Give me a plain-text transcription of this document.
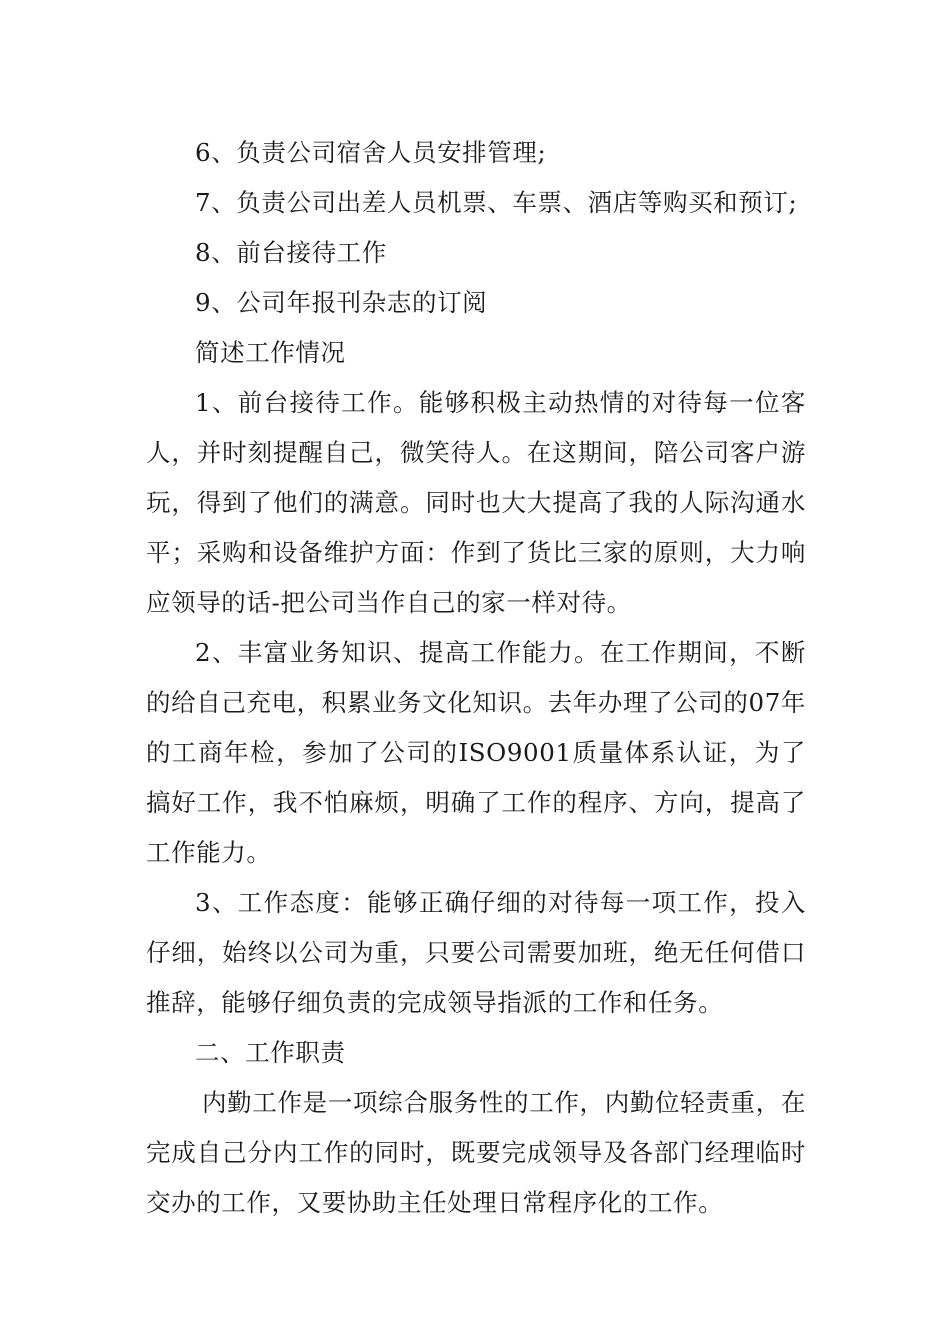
6、负责公司宿舍人员安排管理;

7、负责公司出差人员机票、车票、酒店等购买和预订;

8、前台接待工作

9、公司年报刊杂志的订阅

简述工作情况

1、前台接待工作。能够积极主动热情的对待每一位客人，并时刻提醒自己，微笑待人。在这期间，陪公司客户游玩，得到了他们的满意。同时也大大提高了我的人际沟通水平；采购和设备维护方面：作到了货比三家的原则，大力响应领导的话-把公司当作自己的家一样对待。

2、丰富业务知识、提高工作能力。在工作期间，不断的给自己充电，积累业务文化知识。去年办理了公司的07年的工商年检，参加了公司的ISO9001质量体系认证，为了搞好工作，我不怕麻烦，明确了工作的程序、方向，提高了工作能力。

3、工作态度：能够正确仔细的对待每一项工作，投入仔细，始终以公司为重，只要公司需要加班，绝无任何借口推辞，能够仔细负责的完成领导指派的工作和任务。

二、工作职责

内勤工作是一项综合服务性的工作，内勤位轻责重，在完成自己分内工作的同时，既要完成领导及各部门经理临时交办的工作，又要协助主任处理日常程序化的工作。
